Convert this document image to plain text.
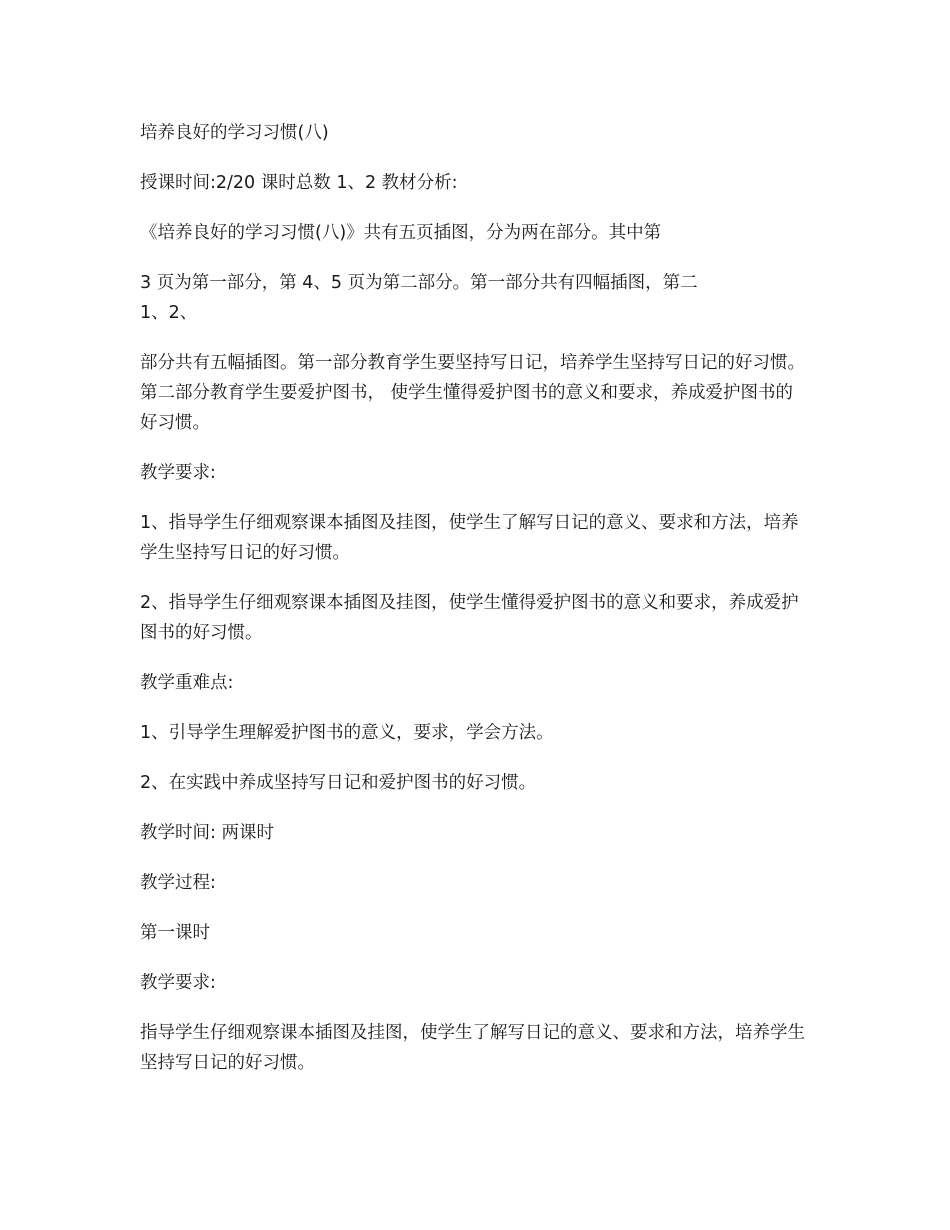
培养良好的学习习惯(八)

授课时间:2/20 课时总数 1、2 教材分析:

《培养良好的学习习惯(八)》共有五页插图，分为两在部分。其中第

3 页为第一部分，第 4、5 页为第二部分。第一部分共有四幅插图，第二
1、2、

部分共有五幅插图。第一部分教育学生要坚持写日记，培养学生坚持写日记的好习惯。第二部分教育学生要爱护图书， 使学生懂得爱护图书的意义和要求，养成爱护图书的好习惯。

教学要求:

1、指导学生仔细观察课本插图及挂图，使学生了解写日记的意义、要求和方法，培养学生坚持写日记的好习惯。

2、指导学生仔细观察课本插图及挂图，使学生懂得爱护图书的意义和要求，养成爱护图书的好习惯。

教学重难点:

1、引导学生理解爱护图书的意义，要求，学会方法。

2、在实践中养成坚持写日记和爱护图书的好习惯。

教学时间: 两课时

教学过程:

第一课时

教学要求:

指导学生仔细观察课本插图及挂图，使学生了解写日记的意义、要求和方法，培养学生坚持写日记的好习惯。
